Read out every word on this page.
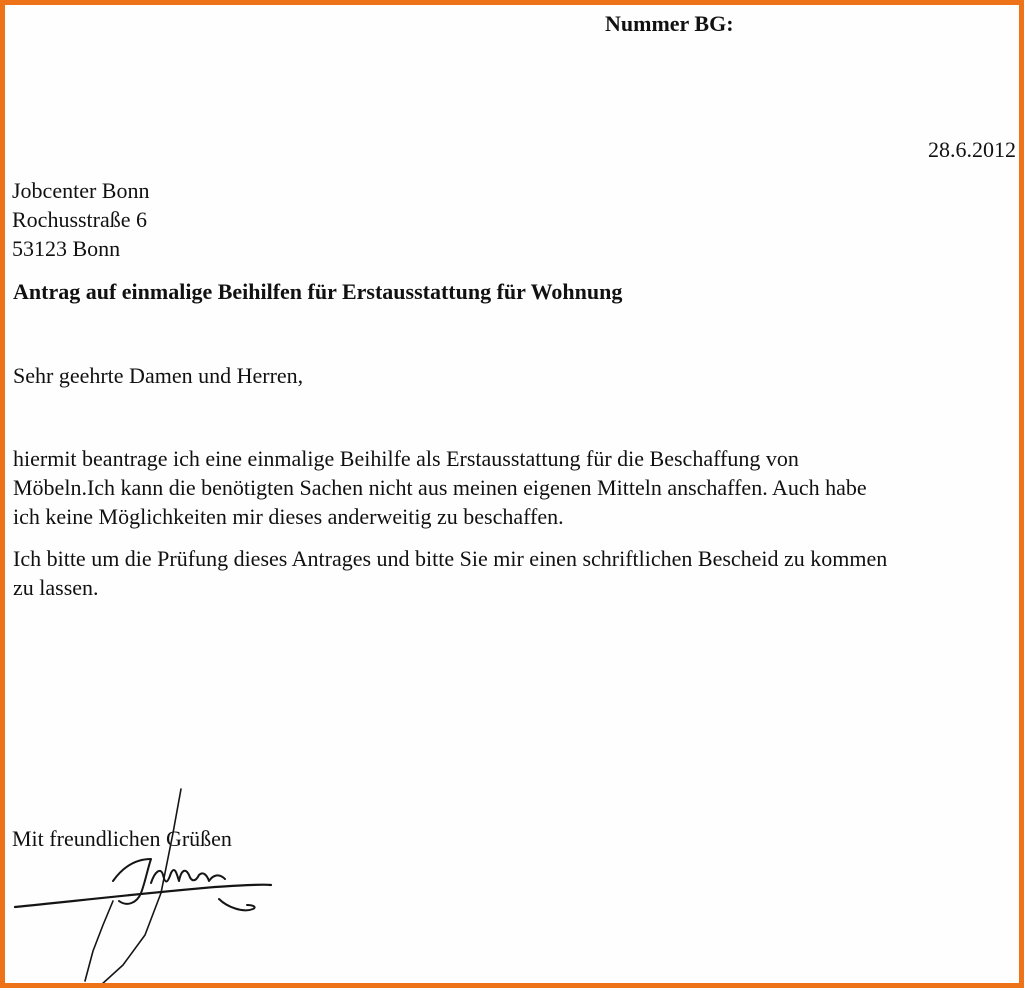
Nummer BG:
28.6.2012
Jobcenter Bonn
Rochusstraße 6
53123 Bonn
Antrag auf einmalige Beihilfen für Erstausstattung für Wohnung
Sehr geehrte Damen und Herren,
hiermit beantrage ich eine einmalige Beihilfe als Erstausstattung für die Beschaffung von
Möbeln.Ich kann die benötigten Sachen nicht aus meinen eigenen Mitteln anschaffen. Auch habe
ich keine Möglichkeiten mir dieses anderweitig zu beschaffen.
Ich bitte um die Prüfung dieses Antrages und bitte Sie mir einen schriftlichen Bescheid zu kommen
zu lassen.
Mit freundlichen Grüßen
